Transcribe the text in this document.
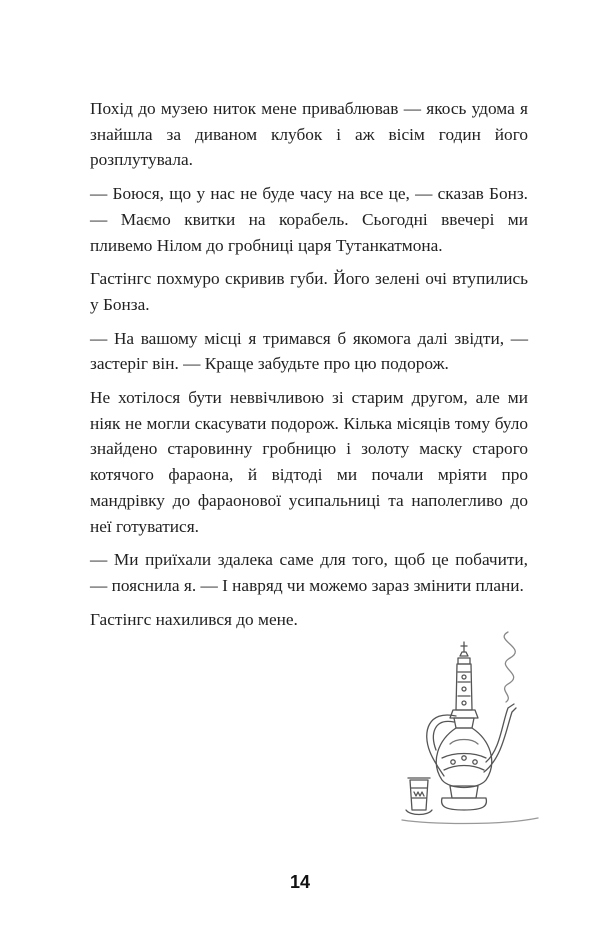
Похід до музею ниток мене приваблював — якось удома я знайшла за диваном клубок і аж вісім годин його розплутувала.

— Боюся, що у нас не буде часу на все це, — сказав Бонз. — Маємо квитки на корабель. Сьогодні ввечері ми пливемо Нілом до гробниці царя Тутанкатмона.

Гастінгс похмуро скривив губи. Його зелені очі втупились у Бонза.

— На вашому місці я тримався б якомога далі звідти, — застеріг він. — Краще забудьте про цю подорож.

Не хотілося бути неввічливою зі старим другом, але ми ніяк не могли скасувати подорож. Кілька місяців тому було знайдено старовинну гробницю і золоту маску старого котячого фараона, й відтоді ми почали мріяти про мандрівку до фараонової усипальниці та наполегливо до неї готуватися.

— Ми приїхали здалека саме для того, щоб це побачити, — пояснила я. — І навряд чи можемо зараз змінити плани.

Гастінгс нахилився до мене.

14
